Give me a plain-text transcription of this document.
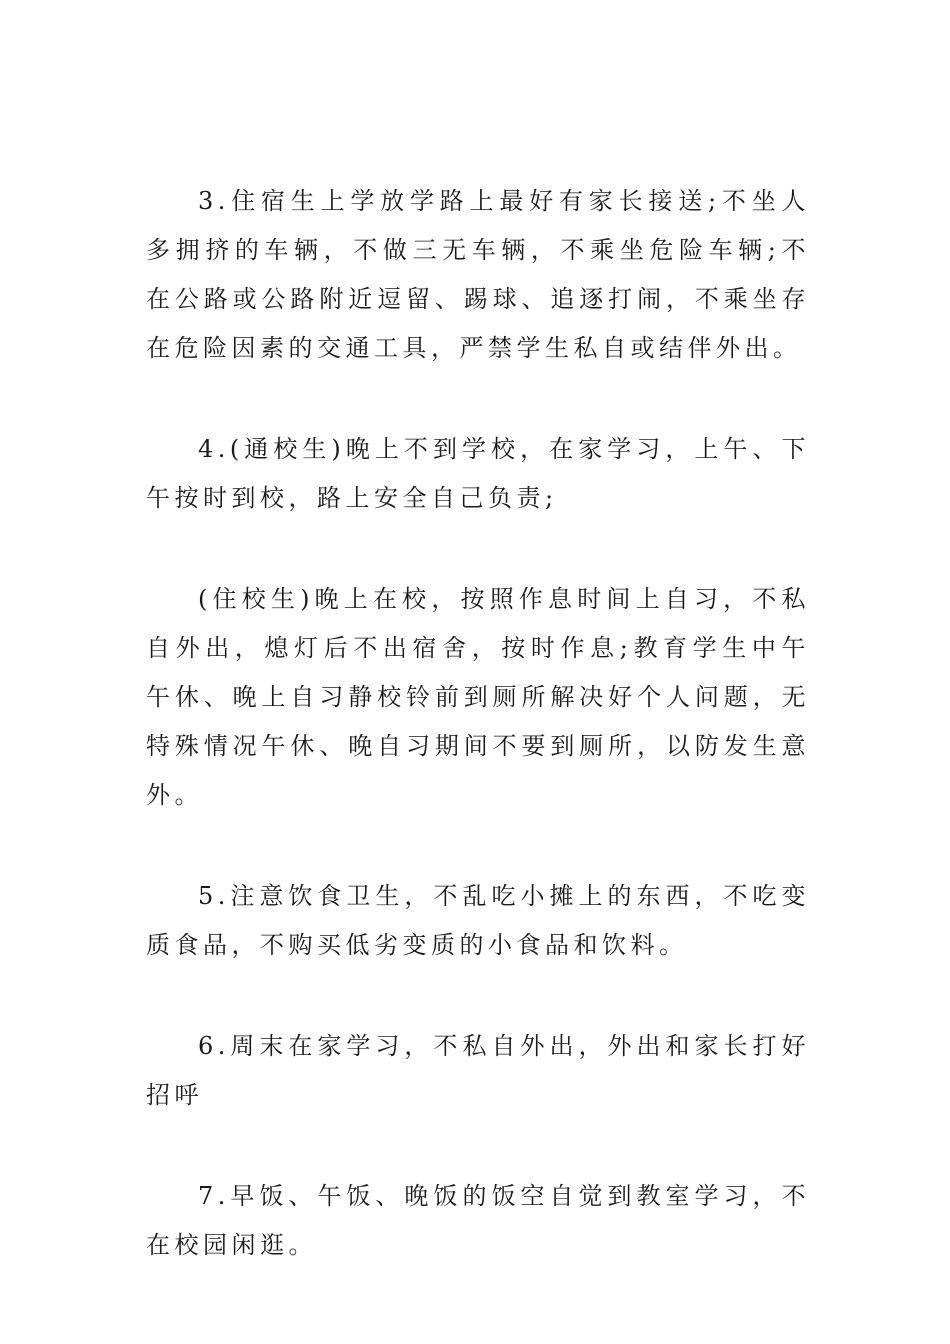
3.住宿生上学放学路上最好有家长接送;不坐人多拥挤的车辆，不做三无车辆，不乘坐危险车辆;不在公路或公路附近逗留、踢球、追逐打闹，不乘坐存在危险因素的交通工具，严禁学生私自或结伴外出。

4.(通校生)晚上不到学校，在家学习，上午、下午按时到校，路上安全自己负责;

(住校生)晚上在校，按照作息时间上自习，不私自外出，熄灯后不出宿舍，按时作息;教育学生中午午休、晚上自习静校铃前到厕所解决好个人问题，无特殊情况午休、晚自习期间不要到厕所，以防发生意外。

5.注意饮食卫生，不乱吃小摊上的东西，不吃变质食品，不购买低劣变质的小食品和饮料。

6.周末在家学习，不私自外出，外出和家长打好招呼

7.早饭、午饭、晚饭的饭空自觉到教室学习，不在校园闲逛。
